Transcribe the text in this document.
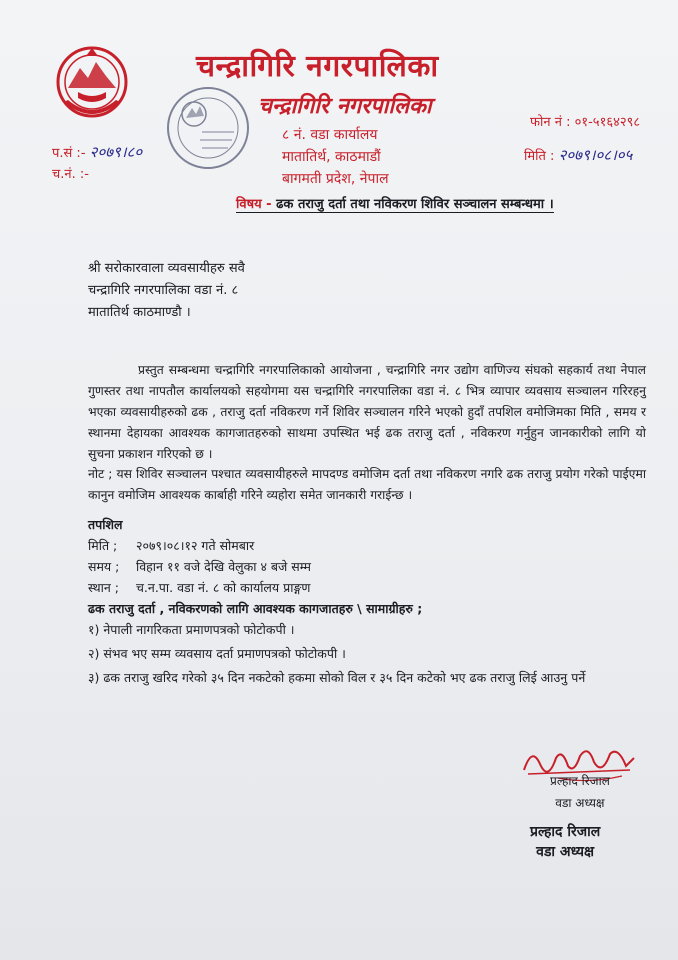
चन्द्रागिरि नगरपालिका
चन्द्रागिरि नगरपालिका
८ नं. वडा कार्यालय
मातातिर्थ, काठमाडौं
बागमती प्रदेश, नेपाल
फोन नं : ०१-५१६४२९८
मिति : २०७९।०८।०५
प.सं :- २०७९।८०
च.नं. :-
विषय - ढक तराजु दर्ता तथा नविकरण शिविर सञ्चालन सम्बन्धमा ।
श्री सरोकारवाला व्यवसायीहरु सवै
चन्द्रागिरि नगरपालिका वडा नं. ८
मातातिर्थ काठमाण्डौ ।
प्रस्तुत सम्बन्धमा चन्द्रागिरि नगरपालिकाको आयोजना , चन्द्रागिरि नगर उद्योग वाणिज्य संघको सहकार्य तथा नेपाल गुणस्तर तथा नापतौल कार्यालयको सहयोगमा यस चन्द्रागिरि नगरपालिका वडा नं. ८ भित्र व्यापार व्यवसाय सञ्चालन गरिरहनु भएका व्यवसायीहरुको ढक , तराजु दर्ता नविकरण गर्ने शिविर सञ्चालन गरिने भएको हुदाँ तपशिल वमोजिमका मिति , समय र स्थानमा देहायका आवश्यक कागजातहरुको साथमा उपस्थित भई ढक तराजु दर्ता , नविकरण गर्नुहुन जानकारीको लागि यो सुचना प्रकाशन गरिएको छ ।
नोट ; यस शिविर सञ्चालन पश्चात व्यवसायीहरुले मापदण्ड वमोजिम दर्ता तथा नविकरण नगरि ढक तराजु प्रयोग गरेको पाईएमा कानुन वमोजिम आवश्यक कार्बाही गरिने व्यहोरा समेत जानकारी गराईन्छ ।
तपशिल
मिति ; २०७९।०८।१२ गते सोमबार
समय ; विहान ११ वजे देखि वेलुका ४ बजे सम्म
स्थान ; च.न.पा. वडा नं. ८ को कार्यालय प्राङ्गण
ढक तराजु दर्ता , नविकरणको लागि आवश्यक कागजातहरु \ सामाग्रीहरु ;
१) नेपाली नागरिकता प्रमाणपत्रको फोटोकपी ।
२) संभव भए सम्म व्यवसाय दर्ता प्रमाणपत्रको फोटोकपी ।
३) ढक तराजु खरिद गरेको ३५ दिन नकटेको हकमा सोको विल र ३५ दिन कटेको भए ढक तराजु लिई आउनु पर्ने
प्रल्हाद रिजाल
वडा अध्यक्ष
प्रल्हाद रिजाल
वडा अध्यक्ष
